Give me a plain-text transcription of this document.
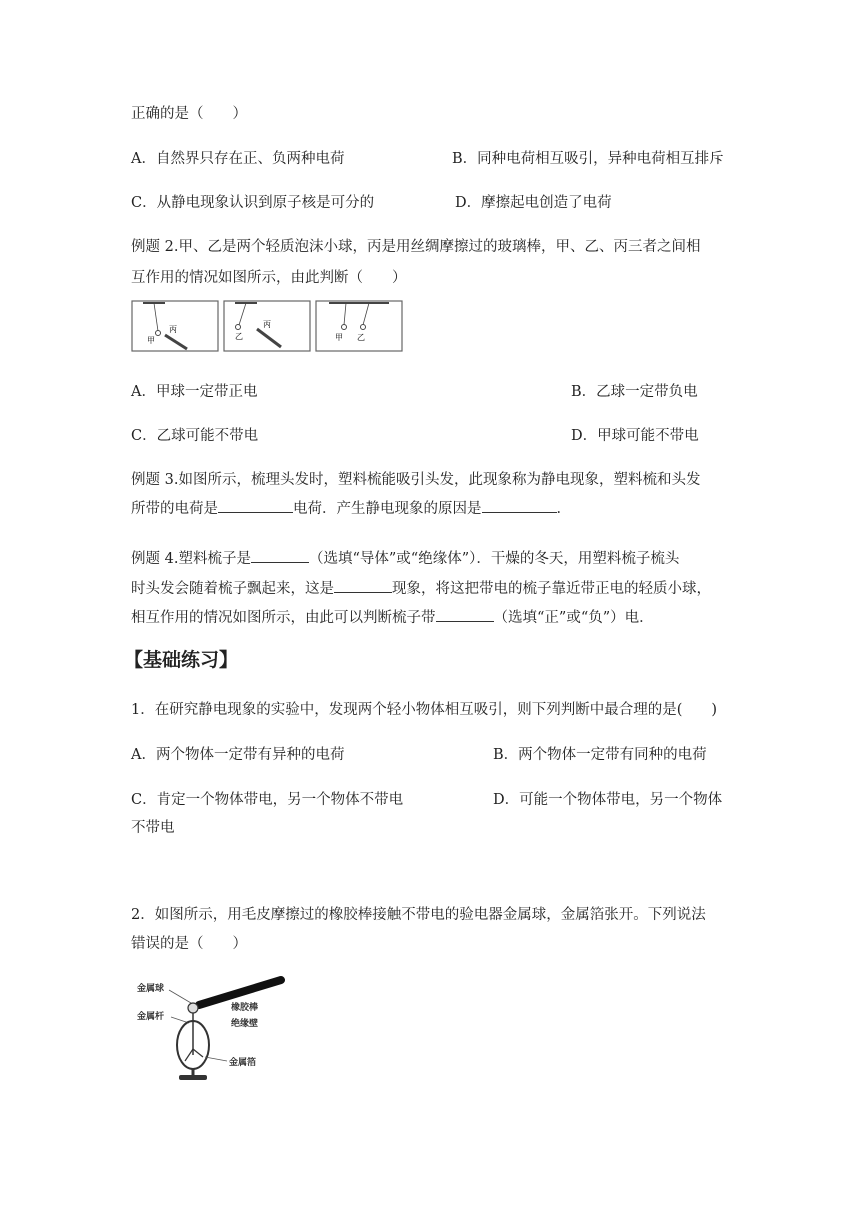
正确的是（　　）
A．自然界只存在正、负两种电荷	B．同种电荷相互吸引，异种电荷相互排斥
C．从静电现象认识到原子核是可分的	D．摩擦起电创造了电荷
例题 2.甲、乙是两个轻质泡沫小球，丙是用丝绸摩擦过的玻璃棒，甲、乙、丙三者之间相
互作用的情况如图所示，由此判断（　　）
甲
丙
乙
丙
甲 乙
A．甲球一定带正电	B．乙球一定带负电
C．乙球可能不带电	D．甲球可能不带电
例题 3.如图所示，梳理头发时，塑料梳能吸引头发，此现象称为静电现象，塑料梳和头发
所带的电荷是	电荷．产生静电现象的原因是	．
例题 4.塑料梳子是	（选填“导体”或“绝缘体”）．干燥的冬天，用塑料梳子梳头
时头发会随着梳子飘起来，这是	现象，将这把带电的梳子靠近带正电的轻质小球，
相互作用的情况如图所示，由此可以判断梳子带	（选填“正”或“负”）电．
【基础练习】
1．在研究静电现象的实验中，发现两个轻小物体相互吸引，则下列判断中最合理的是(　　)
A．两个物体一定带有异种的电荷	B．两个物体一定带有同种的电荷
C．肯定一个物体带电，另一个物体不带电	D．可能一个物体带电，另一个物体
不带电
2．如图所示，用毛皮摩擦过的橡胶棒接触不带电的验电器金属球，金属箔张开。下列说法
错误的是（　　）
金属球
金属杆
橡胶棒
绝缘壁
金属箔
